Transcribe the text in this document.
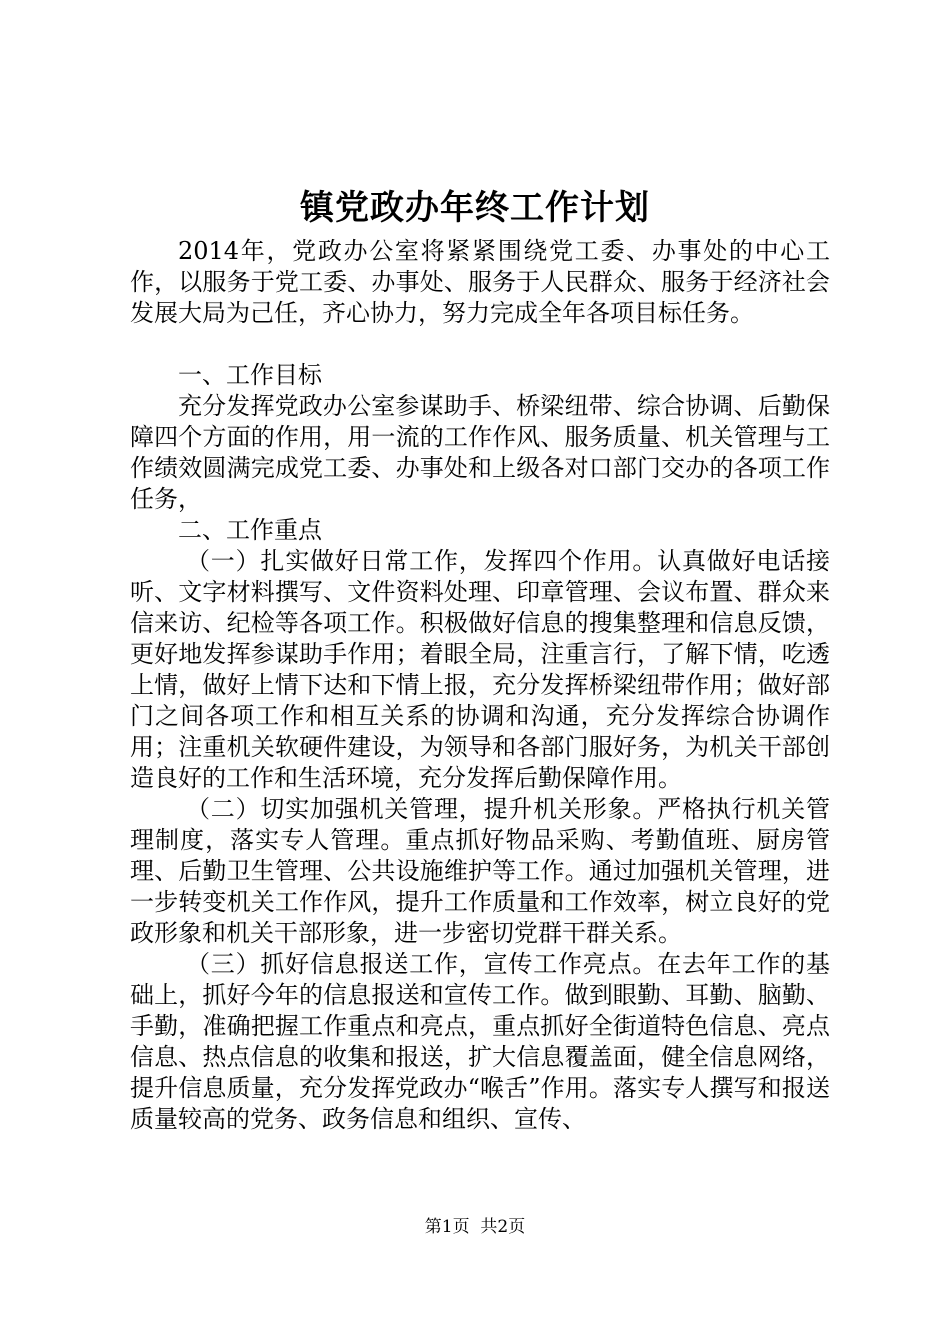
镇党政办年终工作计划

2014年，党政办公室将紧紧围绕党工委、办事处的中心工作，以服务于党工委、办事处、服务于人民群众、服务于经济社会发展大局为己任，齐心协力，努力完成全年各项目标任务。

一、工作目标

充分发挥党政办公室参谋助手、桥梁纽带、综合协调、后勤保障四个方面的作用，用一流的工作作风、服务质量、机关管理与工作绩效圆满完成党工委、办事处和上级各对口部门交办的各项工作任务，

二、工作重点

（一）扎实做好日常工作，发挥四个作用。认真做好电话接听、文字材料撰写、文件资料处理、印章管理、会议布置、群众来信来访、纪检等各项工作。积极做好信息的搜集整理和信息反馈，更好地发挥参谋助手作用；着眼全局，注重言行，了解下情，吃透上情，做好上情下达和下情上报，充分发挥桥梁纽带作用；做好部门之间各项工作和相互关系的协调和沟通，充分发挥综合协调作用；注重机关软硬件建设，为领导和各部门服好务，为机关干部创造良好的工作和生活环境，充分发挥后勤保障作用。

（二）切实加强机关管理，提升机关形象。严格执行机关管理制度，落实专人管理。重点抓好物品采购、考勤值班、厨房管理、后勤卫生管理、公共设施维护等工作。通过加强机关管理，进一步转变机关工作作风，提升工作质量和工作效率，树立良好的党政形象和机关干部形象，进一步密切党群干群关系。

（三）抓好信息报送工作，宣传工作亮点。在去年工作的基础上，抓好今年的信息报送和宣传工作。做到眼勤、耳勤、脑勤、手勤，准确把握工作重点和亮点，重点抓好全街道特色信息、亮点信息、热点信息的收集和报送，扩大信息覆盖面，健全信息网络，提升信息质量，充分发挥党政办“喉舌”作用。落实专人撰写和报送质量较高的党务、政务信息和组织、宣传、

第1页 共2页
